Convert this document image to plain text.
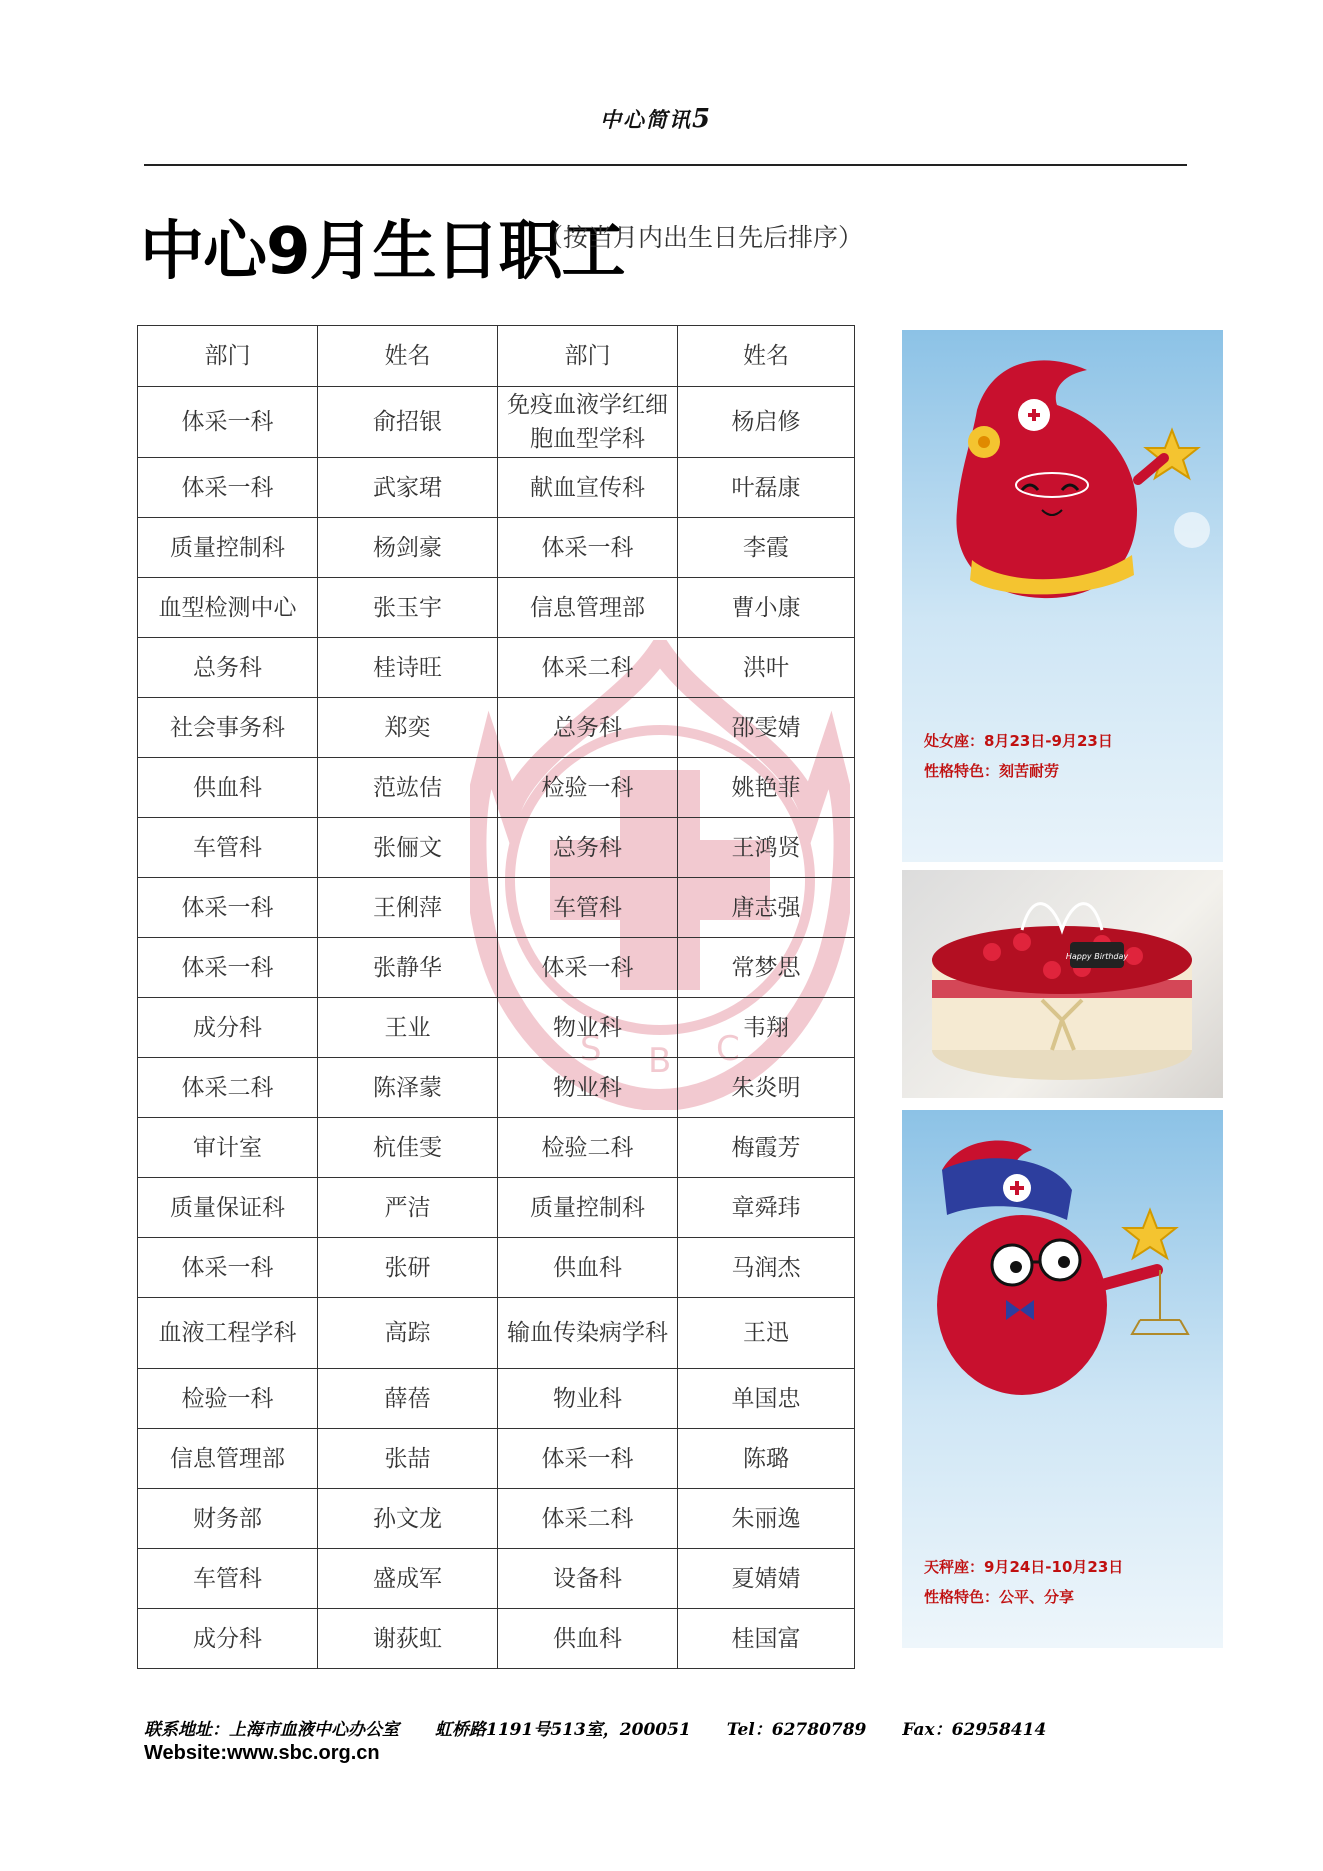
中心简讯5
中心9月生日职工
（按当月内出生日先后排序）
S B C
部门	姓名	部门	姓名
体采一科	俞招银	免疫血液学红细胞血型学科	杨启修
体采一科	武家珺	献血宣传科	叶磊康
质量控制科	杨剑豪	体采一科	李霞
血型检测中心	张玉宇	信息管理部	曹小康
总务科	桂诗旺	体采二科	洪叶
社会事务科	郑奕	总务科	邵雯婧
供血科	范竑佶	检验一科	姚艳菲
车管科	张俪文	总务科	王鸿贤
体采一科	王俐萍	车管科	唐志强
体采一科	张静华	体采一科	常梦思
成分科	王业	物业科	韦翔
体采二科	陈泽蒙	物业科	朱炎明
审计室	杭佳雯	检验二科	梅霞芳
质量保证科	严洁	质量控制科	章舜玮
体采一科	张研	供血科	马润杰
血液工程学科	高踪	输血传染病学科	王迅
检验一科	薛蓓	物业科	单国忠
信息管理部	张喆	体采一科	陈璐
财务部	孙文龙	体采二科	朱丽逸
车管科	盛成军	设备科	夏婧婧
成分科	谢荻虹	供血科	桂国富
处女座：8月23日-9月23日
性格特色：刻苦耐劳
Happy Birthday
天秤座：9月24日-10月23日
性格特色：公平、分享
联系地址：上海市血液中心办公室 虹桥路1191号513室，200051 Tel：62780789 Fax：62958414
Website:www.sbc.org.cn
